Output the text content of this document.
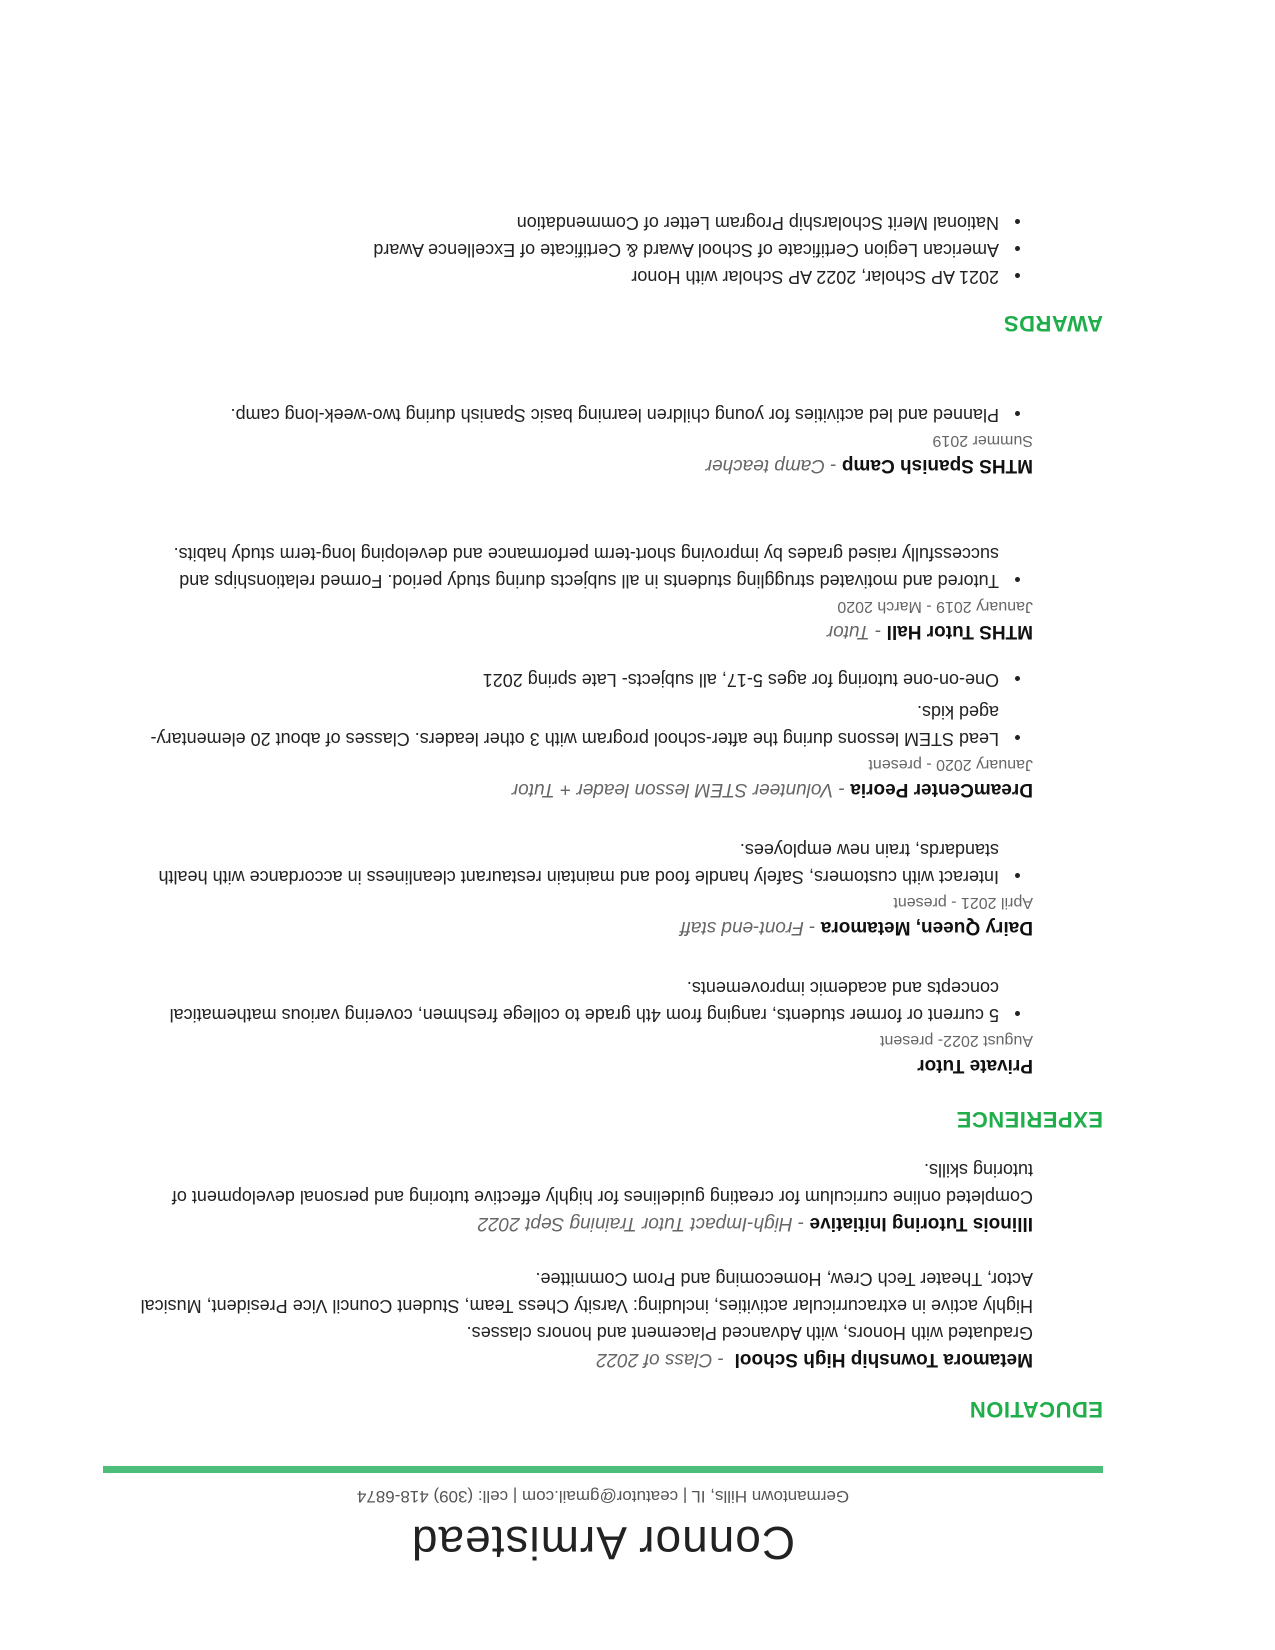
Connor Armistead
Germantown Hills, IL | ceatutor@gmail.com | cell: (309) 418-6874
EDUCATION
Metamora Township High School  - Class of 2022
Graduated with Honors, with Advanced Placement and honors classes.
Highly active in extracurricular activities, including: Varsity Chess Team, Student Council Vice President, Musical Actor, Theater Tech Crew, Homecoming and Prom Committee.
Illinois Tutoring Initiative - High-Impact Tutor Training Sept 2022
Completed online curriculum for creating guidelines for highly effective tutoring and personal development of tutoring skills.
EXPERIENCE
Private Tutor
August 2022- present
• 5 current or former students, ranging from 4th grade to college freshmen, covering various mathematical concepts and academic improvements.
Dairy Queen, Metamora - Front-end staff
April 2021 - present
• Interact with customers, Safely handle food and maintain restaurant cleanliness in accordance with health standards, train new employees.
DreamCenter Peoria - Volunteer STEM lesson leader + Tutor
January 2020 - present
• Lead STEM lessons during the after-school program with 3 other leaders. Classes of about 20 elementary-aged kids.
• One-on-one tutoring for ages 5-17, all subjects- Late spring 2021
MTHS Tutor Hall - Tutor
January 2019 - March 2020
• Tutored and motivated struggling students in all subjects during study period. Formed relationships and successfully raised grades by improving short-term performance and developing long-term study habits.
MTHS Spanish Camp - Camp teacher
Summer 2019
• Planned and led activities for young children learning basic Spanish during two-week-long camp.
AWARDS
• 2021 AP Scholar, 2022 AP Scholar with Honor
• American Legion Certificate of School Award & Certificate of Excellence Award
• National Merit Scholarship Program Letter of Commendation
